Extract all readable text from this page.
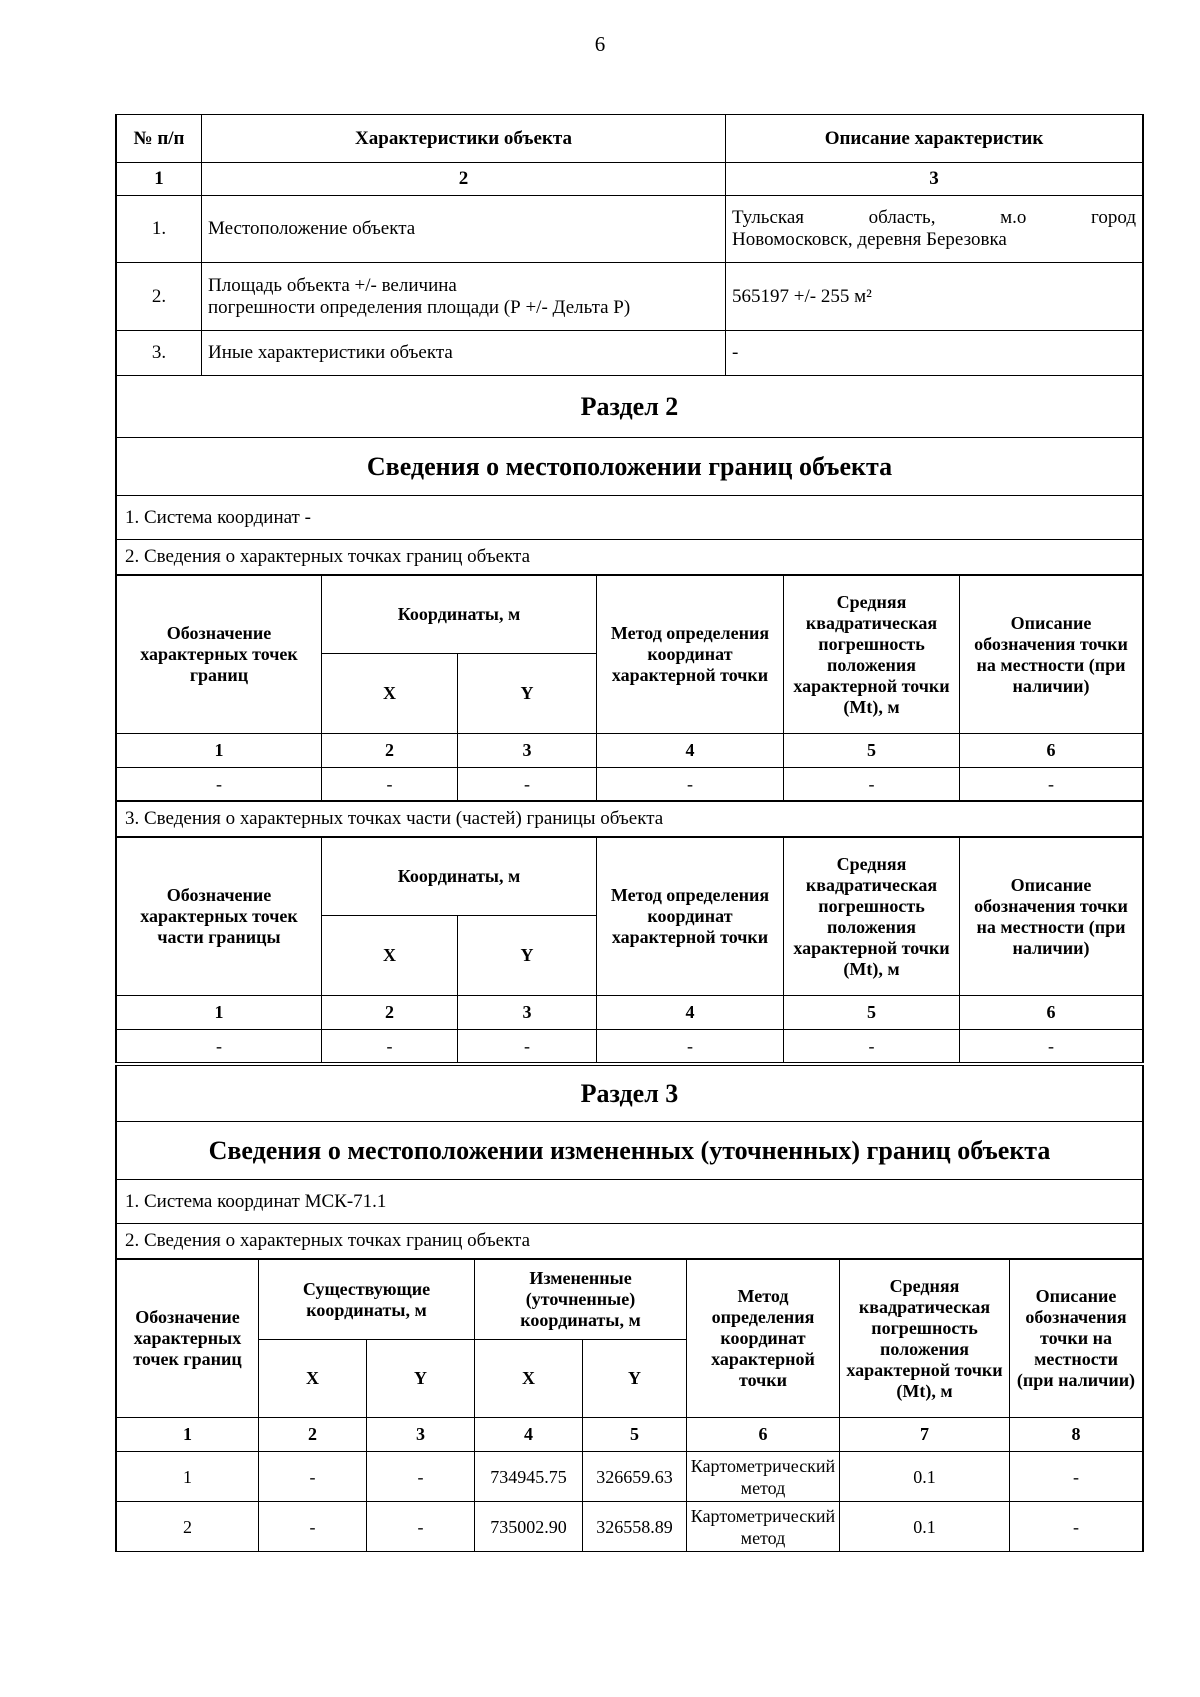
6
№ п/п	Характеристики объекта	Описание характеристик
1	2	3
1.	Местоположение объекта	Тульская область, м.о город
Новомосковск, деревня Березовка

2.	Площадь объекта +/- величина
погрешности определения площади (Р +/- Дельта Р)	565197 +/- 255 м²
3.	Иные характеристики объекта	-
Раздел 2
Сведения о местоположении границ объекта
1. Система координат -
2. Сведения о характерных точках границ объекта
Обозначение характерных точек границ	Координаты, м		Метод определения координат характерной точки	Средняя квадратическая погрешность положения характерной точки (Mt), м	Описание обозначения точки на местности (при наличии)
	X	Y			
1	2	3	4	5	6
-	-	-	-	-	-
3. Сведения о характерных точках части (частей) границы объекта
Обозначение характерных точек части границы	Координаты, м		Метод определения координат характерной точки	Средняя квадратическая погрешность положения характерной точки (Mt), м	Описание обозначения точки на местности (при наличии)
	X	Y			
1	2	3	4	5	6
-	-	-	-	-	-
Раздел 3
Сведения о местоположении измененных (уточненных) границ объекта
1. Система координат МСК-71.1
2. Сведения о характерных точках границ объекта
Обозначение характерных точек границ	Существующие координаты, м		Измененные (уточненные) координаты, м		Метод определения координат характерной точки	Средняя квадратическая погрешность положения характерной точки (Mt), м	Описание обозначения точки на местности (при наличии)
	X	Y	X	Y			
1	2	3	4	5	6	7	8
1	-	-	734945.75	326659.63	Картометрический метод	0.1	-
2	-	-	735002.90	326558.89	Картометрический метод	0.1	-
